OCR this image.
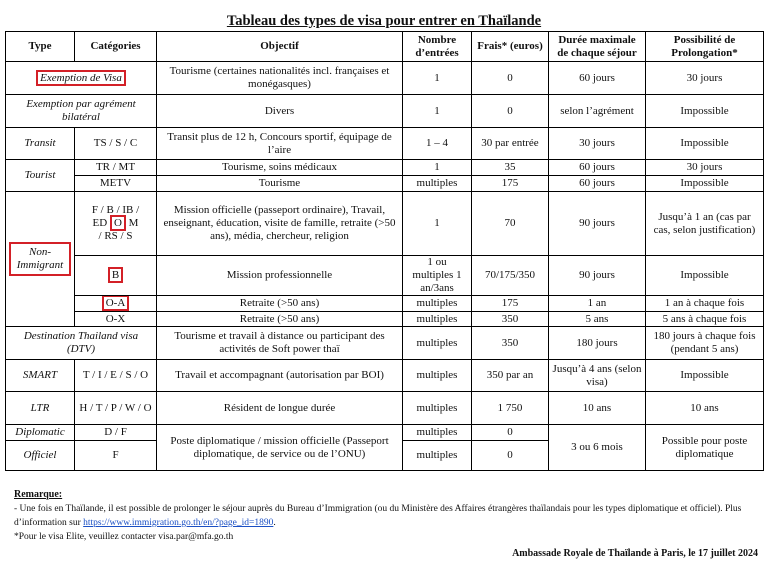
Tableau des types de visa pour entrer en Thaïlande
Type	Catégories	Objectif	Nombre d’entrées	Frais* (euros)	Durée maximale de chaque séjour	Possibilité de Prolongation*
Exemption de Visa		Tourisme (certaines nationalités incl. françaises et monégasques)	1	0	60 jours	30 jours
Exemption par agrément bilatéral		Divers	1	0	selon l’agrément	Impossible
Transit	TS / S / C	Transit plus de 12 h, Concours sportif, équipage de l’aire	1 – 4	30 par entrée	30 jours	Impossible
Tourist	TR / MT	Tourisme, soins médicaux	1	35	60 jours	30 jours
	METV	Tourisme	multiples	175	60 jours	Impossible
Non-Immigrant	F / B / IB /
ED O M
/ RS / S	Mission officielle (passeport ordinaire), Travail, enseignant, éducation, visite de famille, retraite (>50 ans), média, chercheur, religion	1	70	90 jours	Jusqu’à 1 an (cas par cas, selon justification)
	B	Mission professionnelle	1 ou multiples 1 an/3ans	70/175/350	90 jours	Impossible
	O-A	Retraite (>50 ans)	multiples	175	1 an	1 an à chaque fois
	O-X	Retraite (>50 ans)	multiples	350	5 ans	5 ans à chaque fois
Destination Thailand visa (DTV)		Tourisme et travail à distance ou participant des activités de Soft power thaï	multiples	350	180 jours	180 jours à chaque fois (pendant 5 ans)
SMART	T / I / E / S / O	Travail et accompagnant (autorisation par BOI)	multiples	350 par an	Jusqu’à 4 ans (selon visa)	Impossible
LTR	H / T / P / W / O	Résident de longue durée	multiples	1 750	10 ans	10 ans
Diplomatic	D / F	Poste diplomatique / mission officielle (Passeport diplomatique, de service ou de l’ONU)	multiples	0	3 ou 6 mois	Possible pour poste diplomatique
Officiel	F		multiples	0		
Remarque:
- Une fois en Thaïlande, il est possible de prolonger le séjour auprès du Bureau d’Immigration (ou du Ministère des Affaires étrangères thaïlandais pour les types diplomatique et officiel). Plus d’information sur https://www.immigration.go.th/en/?page_id=1890.
*Pour le visa Elite, veuillez contacter visa.par@mfa.go.th
Ambassade Royale de Thaïlande à Paris, le 17 juillet 2024
